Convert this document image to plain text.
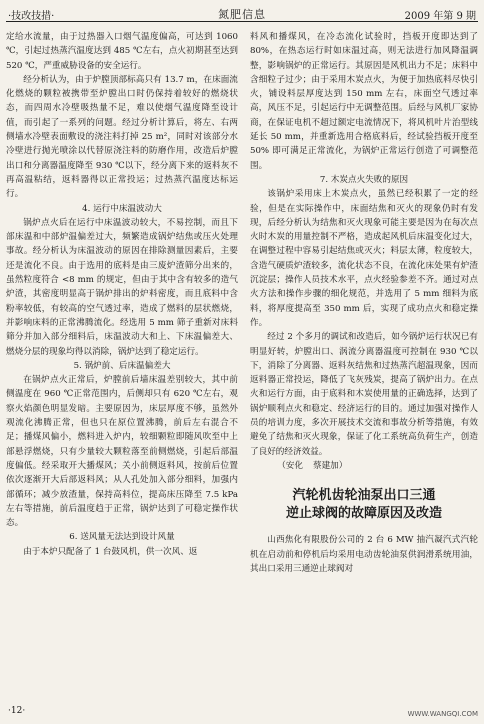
·技改技措·	氮肥信息	2009 年第 9 期

定给水流量，由于过热器入口烟气温度偏高，可达到 1060 ℃，引起过热蒸汽温度达到 485 ℃左右，点火初期甚至达到 520 ℃，严重威胁设备的安全运行。

经分析认为，由于炉膛顶部标高只有 13.7 m，在床面流化燃烧的颗粒被携带至炉膛出口时仍保持着较好的燃烧状态，而四周水冷壁吸热量不足，难以使烟气温度降至设计值，而引起了一系列的问题。经过分析计算后，将左、右两侧墙水冷壁表面敷设的浇注料打掉 25 m²，同时对该部分水冷壁进行抛光喷涂以代替原浇注料的防磨作用，改造后炉膛出口和分离器温度降至 930 ℃以下，经分离下来的返料灰不再高温粘结，返料器得以正常投运；过热蒸汽温度达标运行。

4. 运行中床温波动大

锅炉点火后在运行中床温波动较大，不易控制，而且下部床温和中部炉温偏差过大，频繁造成锅炉结焦或压火处理事故。经分析认为床温波动的原因在排除测量因素后，主要还是流化不良。由于选用的底料是由三废炉渣筛分出来的，虽然粒度符合 <8 mm 的规定，但由于其中含有较多的造气炉渣，其密度明显高于锅炉排出的炉料密度，而且底料中含粉率较低，有较高的空气透过率，造成了燃料的层状燃烧，并影响床料的正常沸腾流化。经选用 5 mm 筛子重新对床料筛分并加入部分细料后，床温波动大和上、下床温偏差大、燃烧分层的现象均得以消除，锅炉达到了稳定运行。

5. 锅炉前、后床温偏差大

在锅炉点火正常后，炉膛前后墙床温差别较大，其中前侧温度在 960 ℃正常范围内，后侧却只有 620 ℃左右，观察火焰颜色明显发暗。主要原因为，床层厚度不够，虽然外观流化沸腾正常，但也只在原位置沸腾，前后左右混合不足；播煤风偏小，燃料进入炉内，较细颗粒即随风吹至中上部悬浮燃烧，只有少量较大颗粒落至前侧燃烧，引起后部温度偏低。经采取开大播煤风；关小前侧返料风，按前后位置依次逐渐开大后部返料风；从人孔处加入部分细料，加强内部循环；减少放渣量，保持高料位，提高床压降至 7.5 kPa 左右等措施，前后温度趋于正常，锅炉达到了可稳定操作状态。

6. 送风量无法达到设计风量

由于本炉只配备了 1 台鼓风机，供一次风、返

料风和播煤风，在冷态流化试验时，挡板开度即达到了 80%，在热态运行时如床温过高，则无法进行加风降温调整，影响锅炉的正常运行。其原因是风机出力不足；床料中含细粒子过少；由于采用木炭点火，为便于加热底料尽快引火，铺设料层厚度达到 150 mm 左右，床面空气透过率高，风压不足，引起运行中无调整范围。后经与风机厂家协商，在保证电机不超过额定电流情况下，将风机叶片治型线延长 50 mm，并重新选用合格底料后，经试验挡板开度至 50% 即可满足正常流化，为锅炉正常运行创造了可调整范围。

7. 木炭点火失败的原因

该锅炉采用床上木炭点火，虽然已经积累了一定的经验，但是在实际操作中，床面结焦和灭火的现象仍时有发现，后经分析认为结焦和灭火现象可能主要是因为在每次点火时木炭的用量控制不严格，造成起风机后床温变化过大，在调整过程中容易引起结焦或灭火；料层太薄，粒度较大，含造气硬质炉渣较多，流化状态不良，在流化床处果有炉渣沉淀层；操作人员技术水平，点火经验参差不齐。通过对点火方法和操作步骤的细化规范，并选用了 5 mm 细料为底料，将厚度提高至 350 mm 后，实现了成功点火和稳定操作。

经过 2 个多月的调试和改造后，如今锅炉运行状况已有明显好转，炉膛出口、涡流分离器温度可控制在 930 ℃以下，消除了分离器、返料灰结焦和过热蒸汽超温现象，因而返料器正常投运，降低了飞灰残炭，提高了锅炉出力。在点火和运行方面，由于底料和木炭使用量的正确选择，达到了锅炉顺利点火和稳定、经济运行的目的。通过加强对操作人员的培训力度，多次开展技术交流和事故分析等措施，有效避免了结焦和灭火现象，保证了化工系统高负荷生产，创造了良好的经济效益。

（安化 蔡建加）

汽轮机齿轮油泵出口三通
逆止球阀的故障原因及改造

山西焦化有限股份公司的 2 台 6 MW 抽汽凝汽式汽轮机在启动前和停机后均采用电动齿轮油泵供润滑系统用油，其出口采用三通逆止球阀对

·12·	WWW.WANGQI.COM
